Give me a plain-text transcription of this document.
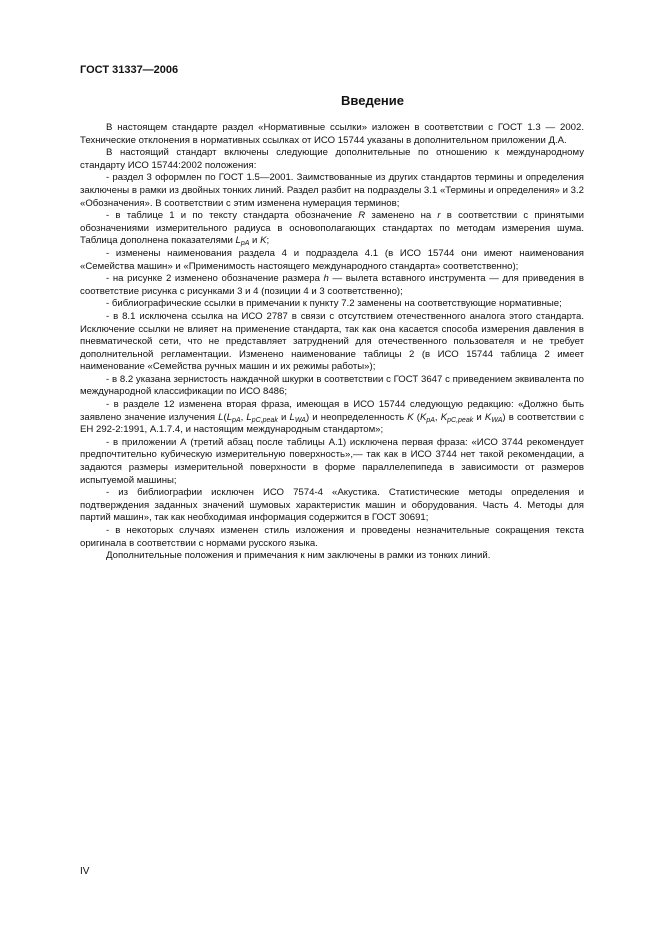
ГОСТ 31337—2006
Введение

В настоящем стандарте раздел «Нормативные ссылки» изложен в соответствии с ГОСТ 1.3 — 2002. Технические отклонения в нормативных ссылках от ИСО 15744 указаны в дополнительном приложении Д.А.

В настоящий стандарт включены следующие дополнительные по отношению к международному стандарту ИСО 15744:2002 положения:

- раздел 3 оформлен по ГОСТ 1.5—2001. Заимствованные из других стандартов термины и определения заключены в рамки из двойных тонких линий. Раздел разбит на подразделы 3.1 «Термины и определения» и 3.2 «Обозначения». В соответствии с этим изменена нумерация терминов;

- в таблице 1 и по тексту стандарта обозначение R заменено на r в соответствии с принятыми обозначениями измерительного радиуса в основополагающих стандартах по методам измерения шума. Таблица дополнена показателями $L_{pA}$ и K;

- изменены наименования раздела 4 и подраздела 4.1 (в ИСО 15744 они имеют наименования «Семейства машин» и «Применимость настоящего международного стандарта» соответственно);

- на рисунке 2 изменено обозначение размера h — вылета вставного инструмента — для приведения в соответствие рисунка с рисунками 3 и 4 (позиции 4 и 3 соответственно);

- библиографические ссылки в примечании к пункту 7.2 заменены на соответствующие нормативные;

- в 8.1 исключена ссылка на ИСО 2787 в связи с отсутствием отечественного аналога этого стандарта. Исключение ссылки не влияет на применение стандарта, так как она касается способа измерения давления в пневматической сети, что не представляет затруднений для отечественного пользователя и не требует дополнительной регламентации. Изменено наименование таблицы 2 (в ИСО 15744 таблица 2 имеет наименование «Семейства ручных машин и их режимы работы»);

- в 8.2 указана зернистость наждачной шкурки в соответствии с ГОСТ 3647 с приведением эквивалента по международной классификации по ИСО 8486;

- в разделе 12 изменена вторая фраза, имеющая в ИСО 15744 следующую редакцию: «Должно быть заявлено значение излучения $L(L_{pA}$, $L_{pC,peak}$ и $L_{WA}$) и неопределенность K ($K_{pA}$, $K_{pC,peak}$ и $K_{WA}$) в соответствии с ЕН 292-2:1991, А.1.7.4, и настоящим международным стандартом»;

- в приложении А (третий абзац после таблицы А.1) исключена первая фраза: «ИСО 3744 рекомендует предпочтительно кубическую измерительную поверхность»,— так как в ИСО 3744 нет такой рекомендации, а задаются размеры измерительной поверхности в форме параллелепипеда в зависимости от размеров испытуемой машины;

- из библиографии исключен ИСО 7574-4 «Акустика. Статистические методы определения и подтверждения заданных значений шумовых характеристик машин и оборудования. Часть 4. Методы для партий машин», так как необходимая информация содержится в ГОСТ 30691;

- в некоторых случаях изменен стиль изложения и проведены незначительные сокращения текста оригинала в соответствии с нормами русского языка.

Дополнительные положения и примечания к ним заключены в рамки из тонких линий.

IV
